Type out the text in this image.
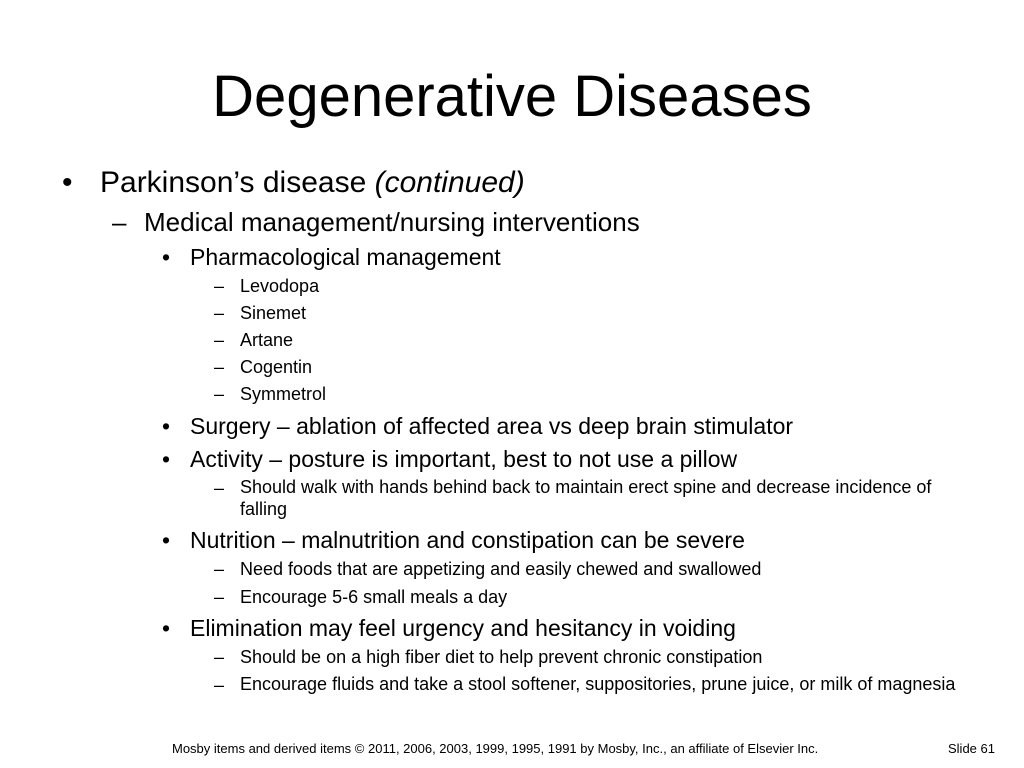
Degenerative Diseases
• Parkinson’s disease (continued)
– Medical management/nursing interventions
• Pharmacological management
– Levodopa
– Sinemet
– Artane
– Cogentin
– Symmetrol
• Surgery – ablation of affected area vs deep brain stimulator
• Activity – posture is important, best to not use a pillow
– Should walk with hands behind back to maintain erect spine and decrease incidence of falling
• Nutrition – malnutrition and constipation can be severe
– Need foods that are appetizing and easily chewed and swallowed
– Encourage 5-6 small meals a day
• Elimination may feel urgency and hesitancy in voiding
– Should be on a high fiber diet to help prevent chronic constipation
– Encourage fluids and take a stool softener, suppositories, prune juice, or milk of magnesia
Mosby items and derived items © 2011, 2006, 2003, 1999, 1995, 1991 by Mosby, Inc., an affiliate of Elsevier Inc.	Slide 61
